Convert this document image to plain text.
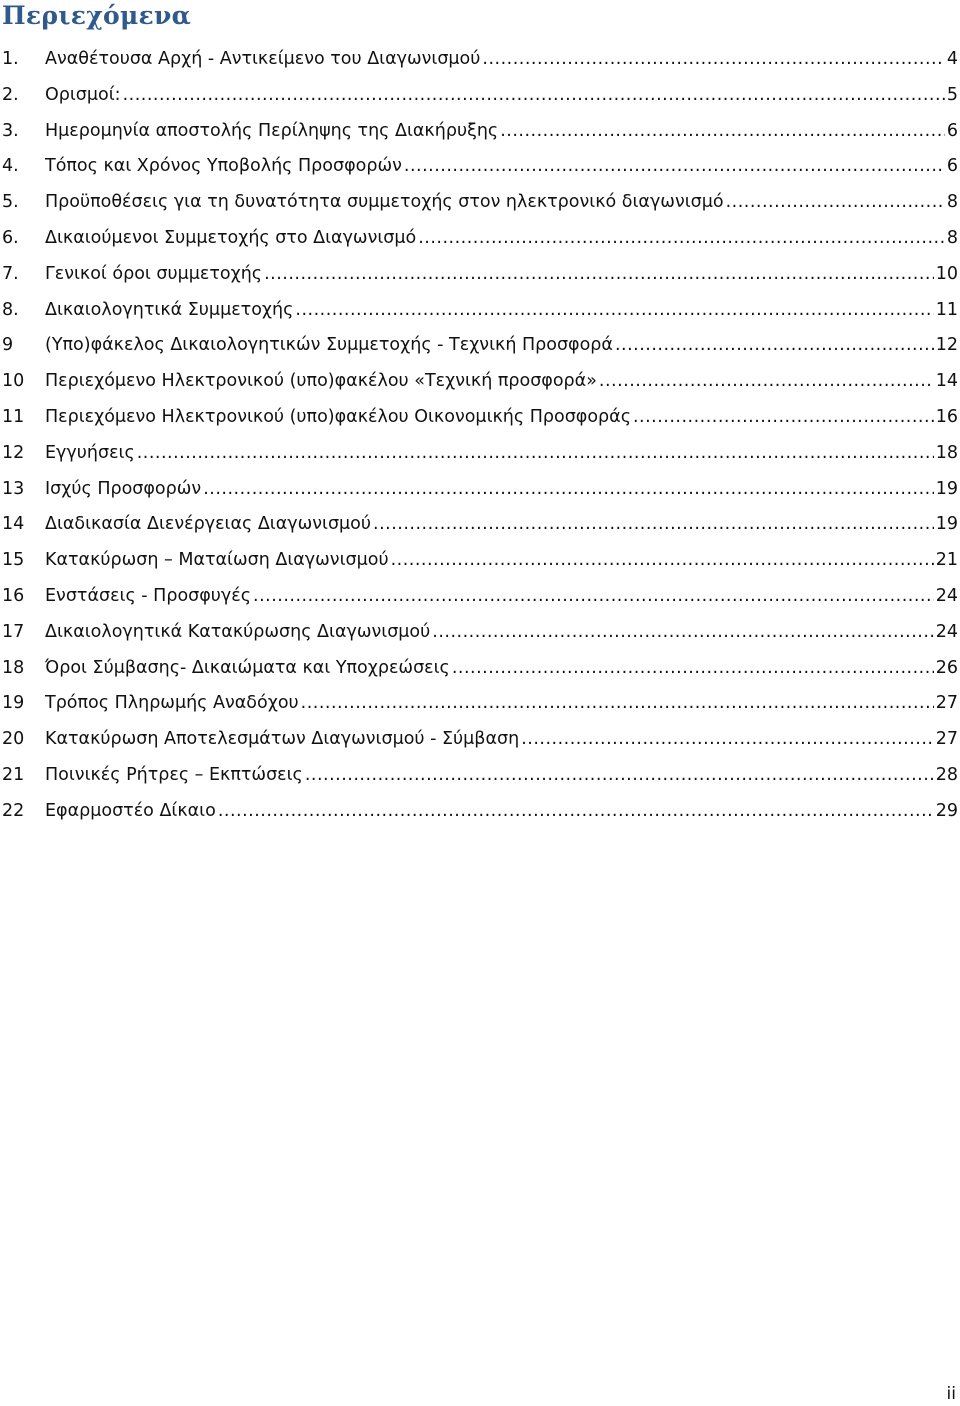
Περιεχόμενα
1.	Αναθέτουσα Αρχή - Αντικείμενο του Διαγωνισμού .....	4
2.	Ορισμοί: .....	5
3.	Ημερομηνία αποστολής Περίληψης της Διακήρυξης .....	6
4.	Τόπος και Χρόνος Υποβολής Προσφορών .....	6
5.	Προϋποθέσεις για τη δυνατότητα συμμετοχής στον ηλεκτρονικό διαγωνισμό .....	8
6.	Δικαιούμενοι Συμμετοχής στο Διαγωνισμό .....	8
7.	Γενικοί όροι συμμετοχής .....	10
8.	Δικαιολογητικά Συμμετοχής .....	11
9	(Υπο)φάκελος Δικαιολογητικών Συμμετοχής - Τεχνική Προσφορά .....	12
10	Περιεχόμενο Ηλεκτρονικού (υπο)φακέλου «Τεχνική προσφορά» .....	14
11	Περιεχόμενο Ηλεκτρονικού (υπο)φακέλου Οικονομικής Προσφοράς .....	16
12	Εγγυήσεις .....	18
13	Ισχύς Προσφορών .....	19
14	Διαδικασία Διενέργειας Διαγωνισμού .....	19
15	Κατακύρωση – Ματαίωση Διαγωνισμού .....	21
16	Ενστάσεις - Προσφυγές .....	24
17	Δικαιολογητικά Κατακύρωσης Διαγωνισμού .....	24
18	Όροι Σύμβασης- Δικαιώματα και Υποχρεώσεις .....	26
19	Τρόπος Πληρωμής Αναδόχου .....	27
20	Κατακύρωση Αποτελεσμάτων Διαγωνισμού - Σύμβαση .....	27
21	Ποινικές Ρήτρες – Εκπτώσεις .....	28
22	Εφαρμοστέο Δίκαιο .....	29
ii
